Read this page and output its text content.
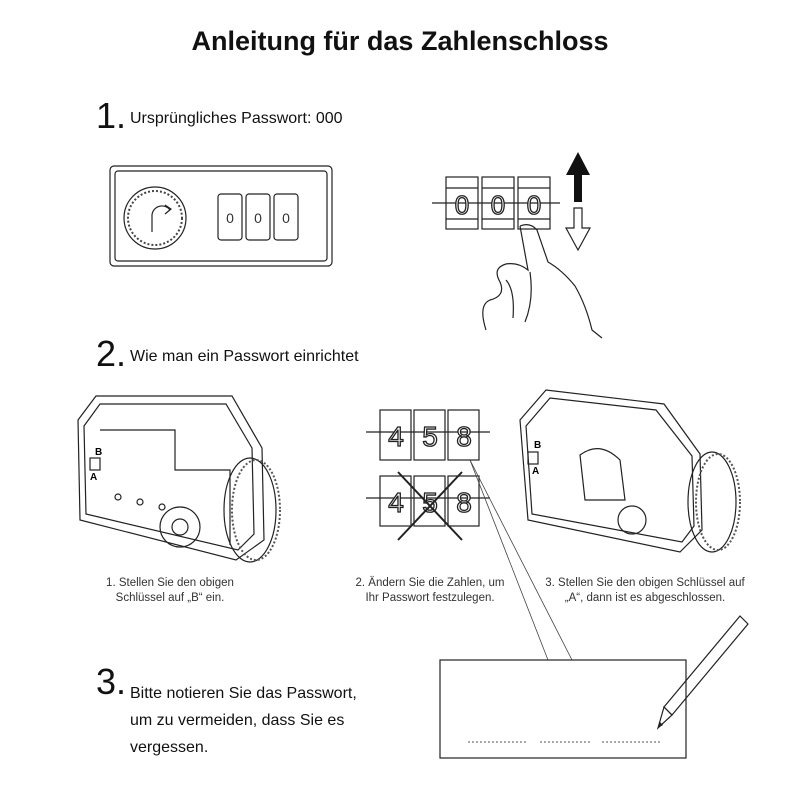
Anleitung für das Zahlenschloss
1. Ursprüngliches Passwort: 000
2. Wie man ein Passwort einrichtet
3. Bitte notieren Sie das Passwort,
um zu vermeiden, dass Sie es
vergessen.
1. Stellen Sie den obigen
Schlüssel auf „B“ ein.
2. Ändern Sie die Zahlen, um
Ihr Passwort festzulegen.
3. Stellen Sie den obigen Schlüssel auf
„A“, dann ist es abgeschlossen.
0 0 0	0 0 0
B
A
4 5 8
4 5 8
B
A
